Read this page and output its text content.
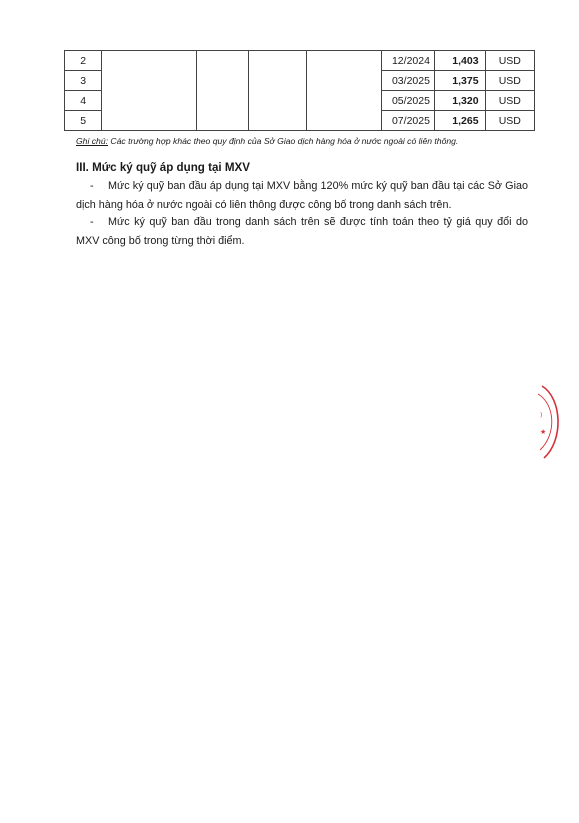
2					12/2024	1,403	USD
3					03/2025	1,375	USD
4					05/2025	1,320	USD
5					07/2025	1,265	USD
Ghi chú: Các trường hợp khác theo quy định của Sở Giao dịch hàng hóa ở nước ngoài có liên thông.
III. Mức ký quỹ áp dụng tại MXV
- Mức ký quỹ ban đầu áp dụng tại MXV bằng 120% mức ký quỹ ban đầu tại các Sở Giao dịch hàng hóa ở nước ngoài có liên thông được công bố trong danh sách trên.
- Mức ký quỹ ban đầu trong danh sách trên sẽ được tính toán theo tỷ giá quy đổi do MXV công bố trong từng thời điểm.
)
★
